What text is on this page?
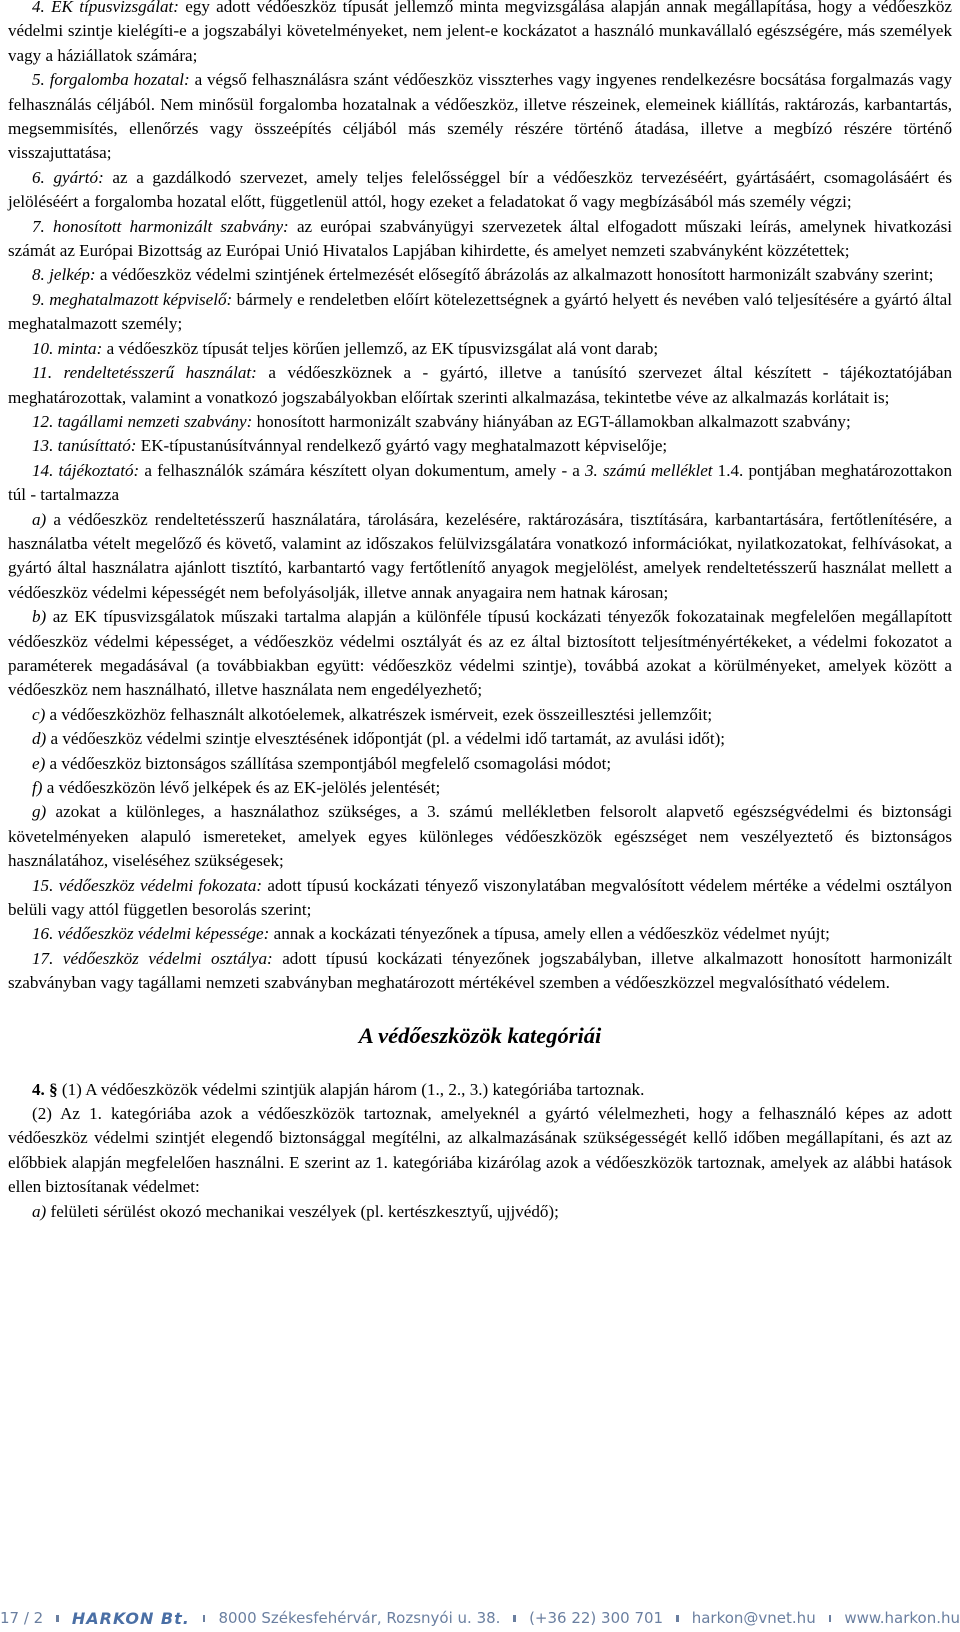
4. EK típusvizsgálat: egy adott védőeszköz típusát jellemző minta megvizsgálása alapján annak megállapítása, hogy a védőeszköz védelmi szintje kielégíti-e a jogszabályi követelményeket, nem jelent-e kockázatot a használó munkavállaló egészségére, más személyek vagy a háziállatok számára;

5. forgalomba hozatal: a végső felhasználásra szánt védőeszköz visszterhes vagy ingyenes rendelkezésre bocsátása forgalmazás vagy felhasználás céljából. Nem minősül forgalomba hozatalnak a védőeszköz, illetve részeinek, elemeinek kiállítás, raktározás, karbantartás, megsemmisítés, ellenőrzés vagy összeépítés céljából más személy részére történő átadása, illetve a megbízó részére történő visszajuttatása;

6. gyártó: az a gazdálkodó szervezet, amely teljes felelősséggel bír a védőeszköz tervezéséért, gyártásáért, csomagolásáért és jelöléséért a forgalomba hozatal előtt, függetlenül attól, hogy ezeket a feladatokat ő vagy megbízásából más személy végzi;

7. honosított harmonizált szabvány: az európai szabványügyi szervezetek által elfogadott műszaki leírás, amelynek hivatkozási számát az Európai Bizottság az Európai Unió Hivatalos Lapjában kihirdette, és amelyet nemzeti szabványként közzétettek;

8. jelkép: a védőeszköz védelmi szintjének értelmezését elősegítő ábrázolás az alkalmazott honosított harmonizált szabvány szerint;

9. meghatalmazott képviselő: bármely e rendeletben előírt kötelezettségnek a gyártó helyett és nevében való teljesítésére a gyártó által meghatalmazott személy;

10. minta: a védőeszköz típusát teljes körűen jellemző, az EK típusvizsgálat alá vont darab;

11. rendeltetésszerű használat: a védőeszköznek a - gyártó, illetve a tanúsító szervezet által készített - tájékoztatójában meghatározottak, valamint a vonatkozó jogszabályokban előírtak szerinti alkalmazása, tekintetbe véve az alkalmazás korlátait is;

12. tagállami nemzeti szabvány: honosított harmonizált szabvány hiányában az EGT-államokban alkalmazott szabvány;

13. tanúsíttató: EK-típustanúsítvánnyal rendelkező gyártó vagy meghatalmazott képviselője;

14. tájékoztató: a felhasználók számára készített olyan dokumentum, amely - a 3. számú melléklet 1.4. pontjában meghatározottakon túl - tartalmazza

a) a védőeszköz rendeltetésszerű használatára, tárolására, kezelésére, raktározására, tisztítására, karbantartására, fertőtlenítésére, a használatba vételt megelőző és követő, valamint az időszakos felülvizsgálatára vonatkozó információkat, nyilatkozatokat, felhívásokat, a gyártó által használatra ajánlott tisztító, karbantartó vagy fertőtlenítő anyagok megjelölést, amelyek rendeltetésszerű használat mellett a védőeszköz védelmi képességét nem befolyásolják, illetve annak anyagaira nem hatnak károsan;

b) az EK típusvizsgálatok műszaki tartalma alapján a különféle típusú kockázati tényezők fokozatainak megfelelően megállapított védőeszköz védelmi képességet, a védőeszköz védelmi osztályát és az ez által biztosított teljesítményértékeket, a védelmi fokozatot a paraméterek megadásával (a továbbiakban együtt: védőeszköz védelmi szintje), továbbá azokat a körülményeket, amelyek között a védőeszköz nem használható, illetve használata nem engedélyezhető;

c) a védőeszközhöz felhasznált alkotóelemek, alkatrészek ismérveit, ezek összeillesztési jellemzőit;

d) a védőeszköz védelmi szintje elvesztésének időpontját (pl. a védelmi idő tartamát, az avulási időt);

e) a védőeszköz biztonságos szállítása szempontjából megfelelő csomagolási módot;

f) a védőeszközön lévő jelképek és az EK-jelölés jelentését;

g) azokat a különleges, a használathoz szükséges, a 3. számú mellékletben felsorolt alapvető egészségvédelmi és biztonsági követelményeken alapuló ismereteket, amelyek egyes különleges védőeszközök egészséget nem veszélyeztető és biztonságos használatához, viseléséhez szükségesek;

15. védőeszköz védelmi fokozata: adott típusú kockázati tényező viszonylatában megvalósított védelem mértéke a védelmi osztályon belüli vagy attól független besorolás szerint;

16. védőeszköz védelmi képessége: annak a kockázati tényezőnek a típusa, amely ellen a védőeszköz védelmet nyújt;

17. védőeszköz védelmi osztálya: adott típusú kockázati tényezőnek jogszabályban, illetve alkalmazott honosított harmonizált szabványban vagy tagállami nemzeti szabványban meghatározott mértékével szemben a védőeszközzel megvalósítható védelem.

A védőeszközök kategóriái

4. § (1) A védőeszközök védelmi szintjük alapján három (1., 2., 3.) kategóriába tartoznak.

(2) Az 1. kategóriába azok a védőeszközök tartoznak, amelyeknél a gyártó vélelmezheti, hogy a felhasználó képes az adott védőeszköz védelmi szintjét elegendő biztonsággal megítélni, az alkalmazásának szükségességét kellő időben megállapítani, és azt az előbbiek alapján megfelelően használni. E szerint az 1. kategóriába kizárólag azok a védőeszközök tartoznak, amelyek az alábbi hatások ellen biztosítanak védelmet:

a) felületi sérülést okozó mechanikai veszélyek (pl. kertészkesztyű, ujjvédő);

17 / 2 HARKON Bt. 8000 Székesfehérvár, Rozsnyói u. 38. (+36 22) 300 701 harkon@vnet.hu www.harkon.hu
